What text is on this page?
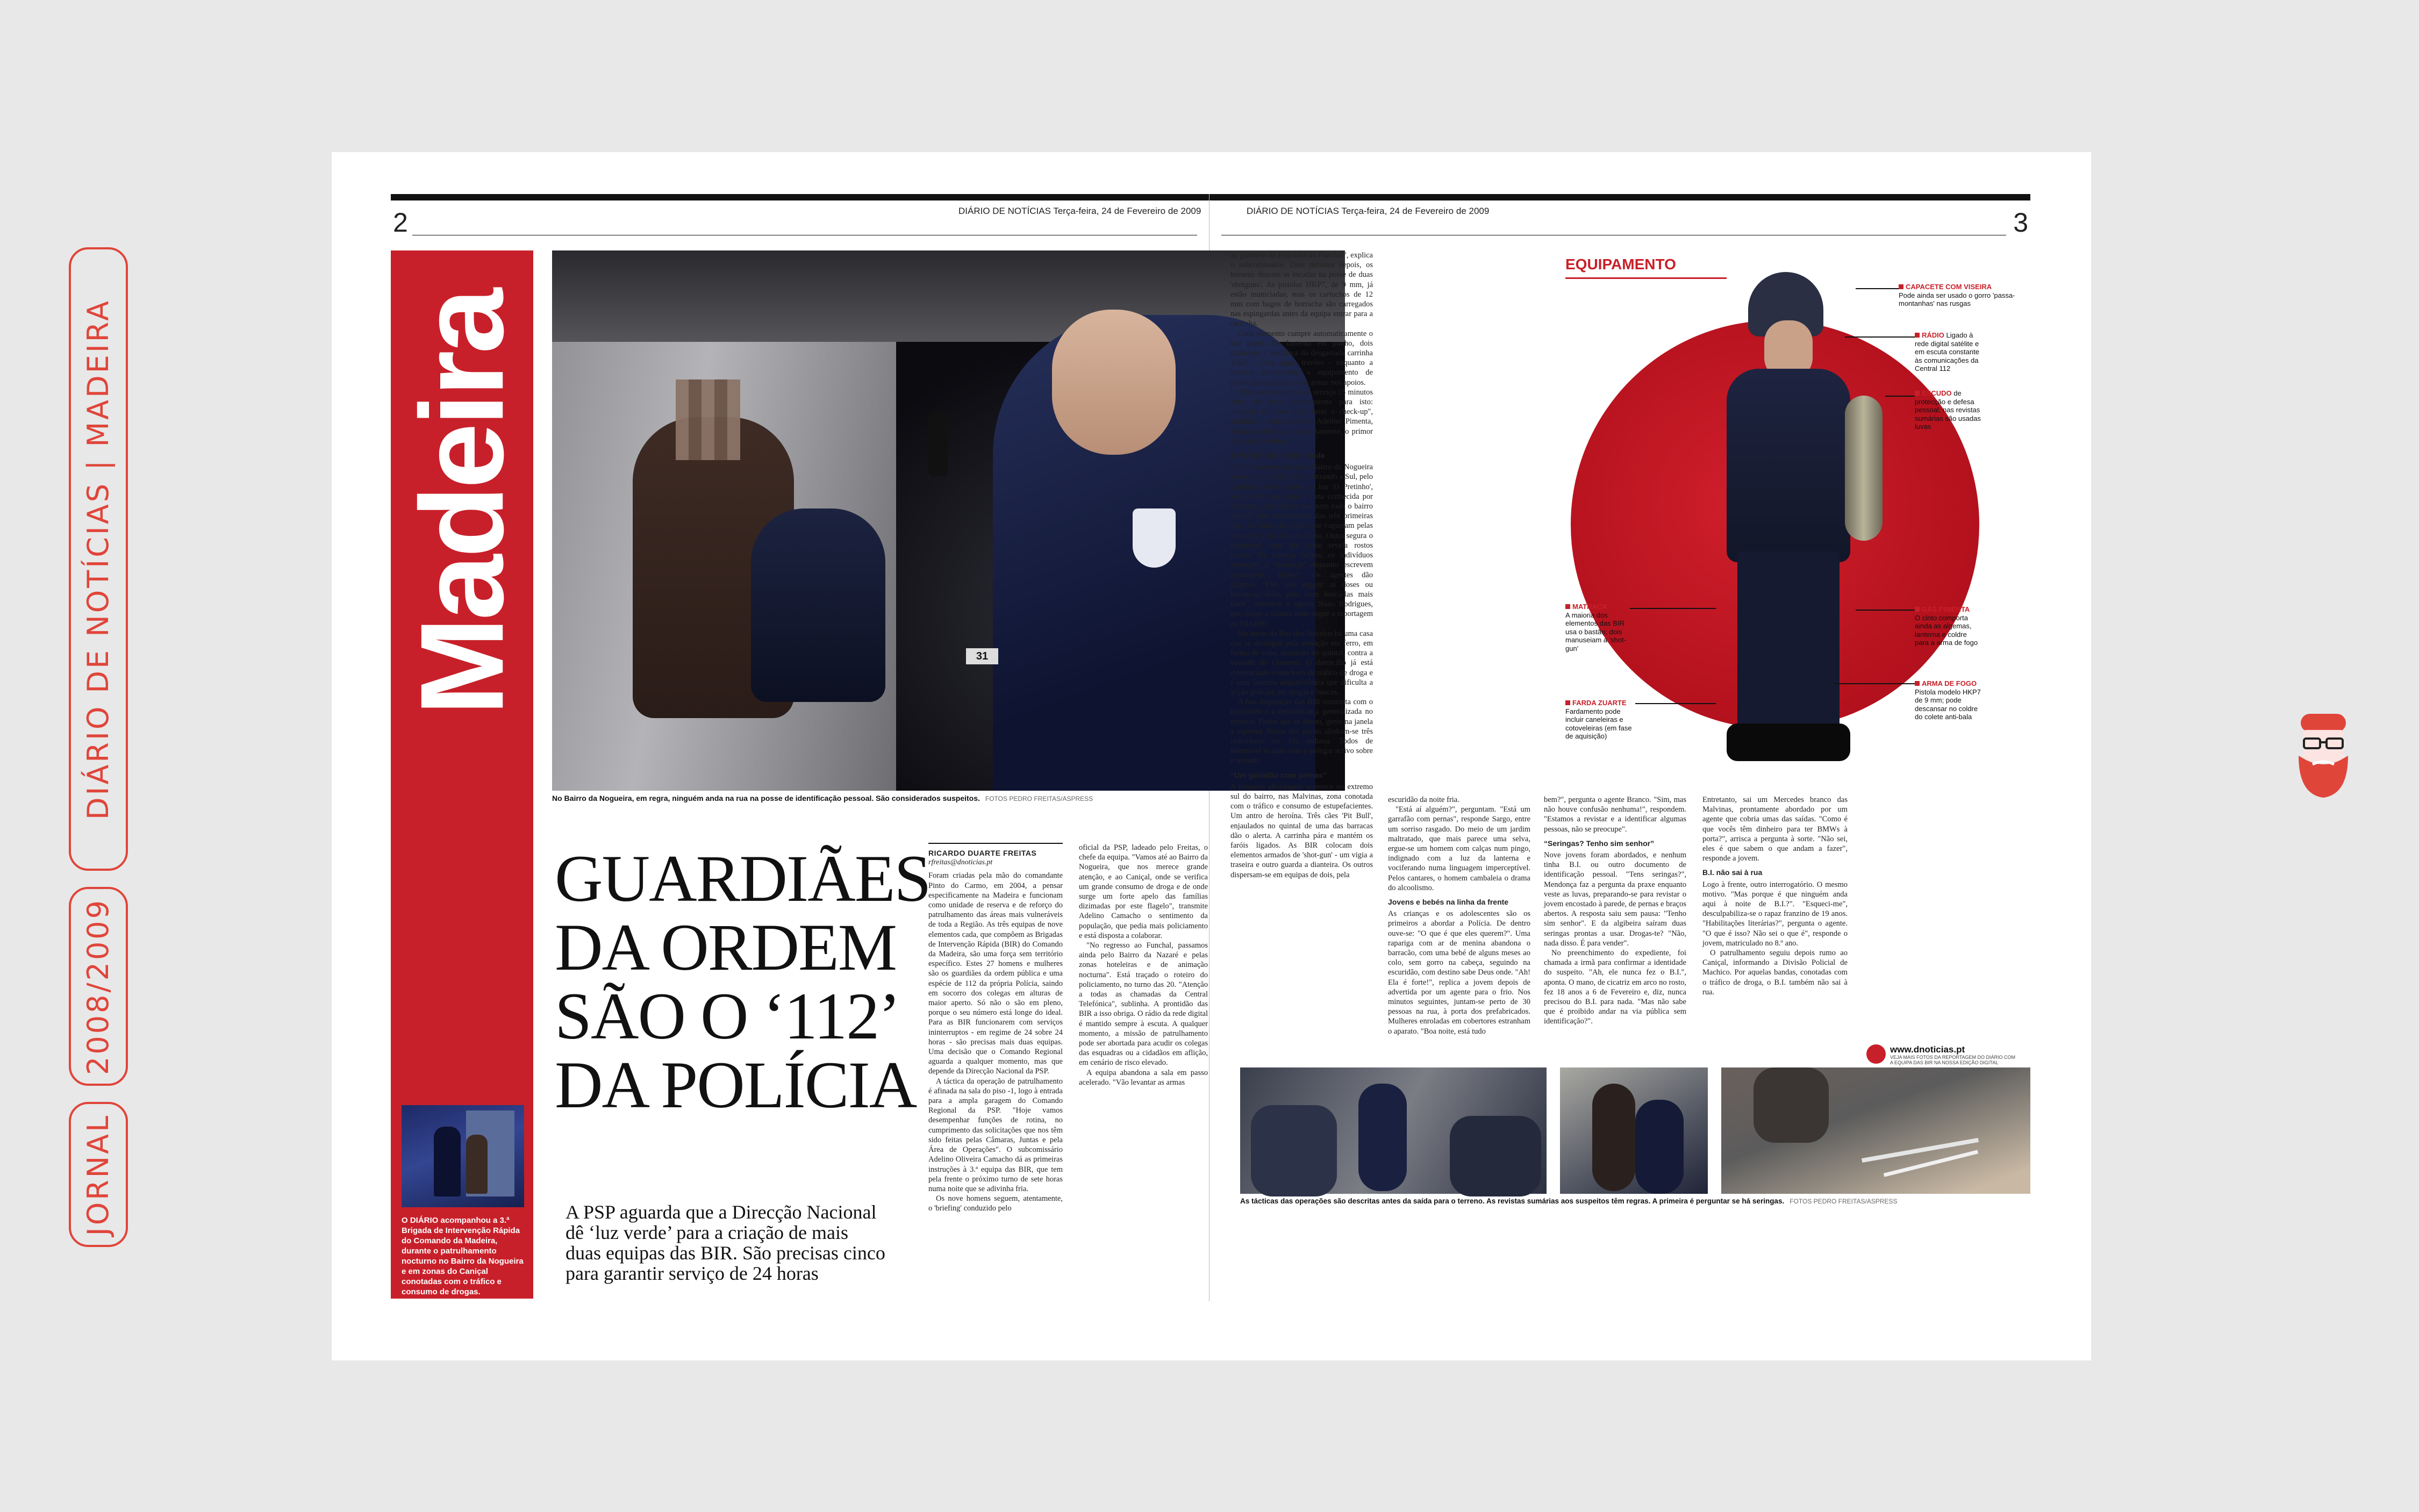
DIÁRIO DE NOTÍCIAS | MADEIRA
2008/2009
JORNAL
2	3
DIÁRIO DE NOTÍCIAS Terça-feira, 24 de Fevereiro de 2009	DIÁRIO DE NOTÍCIAS Terça-feira, 24 de Fevereiro de 2009
Madeira
O DIÁRIO acompanhou a 3.ª Brigada de Intervenção Rápida do Comando da Madeira, durante o patrulhamento nocturno no Bairro da Nogueira e em zonas do Caniçal conotadas com o tráfico e consumo de drogas.
31
No Bairro da Nogueira, em regra, ninguém anda na rua na posse de identificação pessoal. São considerados suspeitos. FOTOS PEDRO FREITAS/ASPRESS
GUARDIÃES
DA ORDEM
SÃO O ‘112’
DA POLÍCIA
A PSP aguarda que a Direcção Nacional dê ‘luz verde’ para a criação de mais duas equipas das BIR. São precisas cinco para garantir serviço de 24 horas
RICARDO DUARTE FREITAS
rfreitas@dnoticias.pt

Foram criadas pela mão do comandante Pinto do Carmo, em 2004, a pensar especificamente na Madeira e funcionam como unidade de reserva e de reforço do patrulhamento das áreas mais vulneráveis de toda a Região. As três equipas de nove elementos cada, que compõem as Brigadas de Intervenção Rápida (BIR) do Comando da Madeira, são uma força sem território específico. Estes 27 homens e mulheres são os guardiães da ordem pública e uma espécie de 112 da própria Polícia, saindo em socorro dos colegas em alturas de maior aperto. Só não o são em pleno, porque o seu número está longe do ideal. Para as BIR funcionarem com serviços ininterruptos - em regime de 24 sobre 24 horas - são precisas mais duas equipas. Uma decisão que o Comando Regional aguarda a qualquer momento, mas que depende da Direcção Nacional da PSP.

A táctica da operação de patrulhamento é afinada na sala do piso -1, logo à entrada para a ampla garagem do Comando Regional da PSP. "Hoje vamos desempenhar funções de rotina, no cumprimento das solicitações que nos têm sido feitas pelas Câmaras, Juntas e pela Área de Operações". O subcomissário Adelino Oliveira Camacho dá as primeiras instruções à 3.ª equipa das BIR, que tem pela frente o próximo turno de sete horas numa noite que se adivinha fria.

Os nove homens seguem, atentamente, o 'briefing' conduzido pelo

oficial da PSP, ladeado pelo Freitas, o chefe da equipa. "Vamos até ao Bairro da Nogueira, que nos merece grande atenção, e ao Caniçal, onde se verifica um grande consumo de droga e de onde surge um forte apelo das famílias dizimadas por este flagelo", transmite Adelino Camacho o sentimento da população, que pedia mais policiamento e está disposta a colaborar.

"No regresso ao Funchal, passamos ainda pelo Bairro da Nazaré e pelas zonas hoteleiras e de animação nocturna". Está traçado o roteiro do policiamento, no turno das 20. "Atenção a todas as chamadas da Central Telefónica", sublinha. A prontidão das BIR a isso obriga. O rádio da rede digital é mantido sempre à escuta. A qualquer momento, a missão de patrulhamento pode ser abortada para acudir os colegas das esquadras ou a cidadãos em aflição, em cenário de risco elevado.

A equipa abandona a sala em passo acelerado. "Vão levantar as armas

ao gabinete da Esquadra do Funchal", explica o subcomissário. Dois minutos depois, os homens descem as escadas na posse de duas 'shotguns'. As pistolas HKP7, de 9 mm, já estão municiadas, mas os cartuchos de 12 mm com bagos de borracha são carregados nas espingardas antes da equipa entrar para a carrinha.

Cada elemento cumpre automaticamente o seu papel. De lanterna em punho, dois vistoriam a mecânica da desgastada carrinha 'Ford' - óleo, água, travões - enquanto a maioria acondiciona o equipamento de protecção individual e as armas nos apoios.

"Eles apresentam-se ao serviço 15 minutos antes da hora, precisamente para isto: ninguém sai sem antes fazer o check-up", sublinha o subcomissário Adelino Pimenta, enquanto observa, orgulhosamente, o primor dos seus 'meninos'.

A “bófia” não é bem-vinda

O policiamento aborda o Bairro da Nogueira sob o signo da discrição, entrando a Sul, pelo caminho estreito junto ao bar 'O Pretinho', até dar de caras com a zona conhecida por Malvinas. São 22h30 mas nem todo o bairro dorme. Nos cruzamentos das três primeiras ruas, há vultos de capuz que vagueiam pelas esquinas. Uma mão no bolso. Outra segura o telemóvel, cuja luz ténue revela rostos jovens. De cabeças baixas, os indivíduos começam a 'destroçar' enquanto escrevem mensagens. "Bófia!". Os agentes dão palpites. "Eles vão engolir as doses ou livram-se delas para irem buscá-las mais tarde", descreve o agente Nuno Rodrigues, que dirige a viatura onde segue a reportagem do DIÁRIO.

No início da Rua dos Novelos há uma casa que se distingue pela armação em ferro, em forma de cubo, instalado no quintal, contra a vontade do Governo. O domicílio já está referenciado como foco de tráfico de droga e é uma barreira arquitectónica que dificulta a acção policial, em rusgas e buscas.

A boa disposição das BIR contrasta com o incómodo e a desconfiança generalizada no exterior. Portas que se abrem, gente na janela à espreita. Numa das portas alinham-se três indivíduos em fila indiana. Todos de telemóvel na mão com o polegar activo sobre o teclado.

“Um garrafão com pernas”

A primeira abordagem acontece no extremo sul do bairro, nas Malvinas, zona conotada com o tráfico e consumo de estupefacientes. Um antro de heroína. Três cães 'Pit Bull', enjaulados no quintal de uma das barracas dão o alerta. A carrinha pára e mantém os faróis ligados. As BIR colocam dois elementos armados de 'shot-gun' - um vigia a traseira e outro guarda a dianteira. Os outros dispersam-se em equipas de dois, pela

escuridão da noite fria.

"Está aí alguém?", perguntam. "Está um garrafão com pernas", responde Sargo, entre um sorriso rasgado. Do meio de um jardim maltratado, que mais parece uma selva, ergue-se um homem com calças num pingo, indignado com a luz da lanterna e vociferando numa linguagem imperceptível. Pelos cantares, o homem cambaleia o drama do alcoolismo.

Jovens e bebés na linha da frente

As crianças e os adolescentes são os primeiros a abordar a Polícia. De dentro ouve-se: "O que é que eles querem?". Uma rapariga com ar de menina abandona o barracão, com uma bebé de alguns meses ao colo, sem gorro na cabeça, seguindo na escuridão, com destino sabe Deus onde. "Ah! Ela é forte!", replica a jovem depois de advertida por um agente para o frio. Nos minutos seguintes, juntam-se perto de 30 pessoas na rua, à porta dos prefabricados. Mulheres enroladas em cobertores estranham o aparato. "Boa noite, está tudo

bem?", pergunta o agente Branco. "Sim, mas não houve confusão nenhuma!", respondem. "Estamos a revistar e a identificar algumas pessoas, não se preocupe".

“Seringas? Tenho sim senhor”

Nove jovens foram abordados, e nenhum tinha B.I. ou outro documento de identificação pessoal. "Tens seringas?", Mendonça faz a pergunta da praxe enquanto veste as luvas, preparando-se para revistar o jovem encostado à parede, de pernas e braços abertos. A resposta saiu sem pausa: "Tenho sim senhor". E da algibeira saíram duas seringas prontas a usar. Drogas-te? "Não, nada disso. É para vender".

No preenchimento do expediente, foi chamada a irmã para confirmar a identidade do suspeito. "Ah, ele nunca fez o B.I.", aponta. O mano, de cicatriz em arco no rosto, fez 18 anos a 6 de Fevereiro e, diz, nunca precisou do B.I. para nada. "Mas não sabe que é proibido andar na via pública sem identificação?".

Entretanto, sai um Mercedes branco das Malvinas, prontamente abordado por um agente que cobria umas das saídas. "Como é que vocês têm dinheiro para ter BMWs à porta?", arrisca a pergunta à sorte. "Não sei, eles é que sabem o que andam a fazer", responde a jovem.

B.I. não sai à rua

Logo à frente, outro interrogatório. O mesmo motivo. "Mas porque é que ninguém anda aqui à noite de B.I.?". "Esqueci-me", desculpabiliza-se o rapaz franzino de 19 anos. "Habilitações literárias?", pergunta o agente. "O que é isso? Não sei o que é", responde o jovem, matriculado no 8.º ano.

O patrulhamento seguiu depois rumo ao Caniçal, informando a Divisão Policial de Machico. Por aquelas bandas, conotadas com o tráfico de droga, o B.I. também não sai à rua.

EQUIPAMENTO
CAPACETE COM VISEIRA
Pode ainda ser usado o gorro 'passa-montanhas' nas rusgas
RÁDIO Ligado à rede digital satélite e em escuta constante às comunicações da Central 112
ESCUDO de protecção e defesa pessoal; nas revistas sumárias são usadas luvas
GÁS PIMENTA
O cinto comporta ainda as algemas, lanterna e coldre para a arma de fogo
ARMA DE FOGO
Pistola modelo HKP7 de 9 mm; pode descansar no coldre do colete anti-bala
MATRACA
A maioria dos elementos das BIR usa o bastão; dois manuseiam a 'shot-gun'
FARDA ZUARTE
Fardamento pode incluir caneleiras e cotoveleiras (em fase de aquisição)
www.dnoticias.pt
VEJA MAIS FOTOS DA REPORTAGEM DO DIÁRIO COM A EQUIPA DAS BIR NA NOSSA EDIÇÃO DIGITAL
As tácticas das operações são descritas antes da saída para o terreno. As revistas sumárias aos suspeitos têm regras. A primeira é perguntar se há seringas. FOTOS PEDRO FREITAS/ASPRESS
